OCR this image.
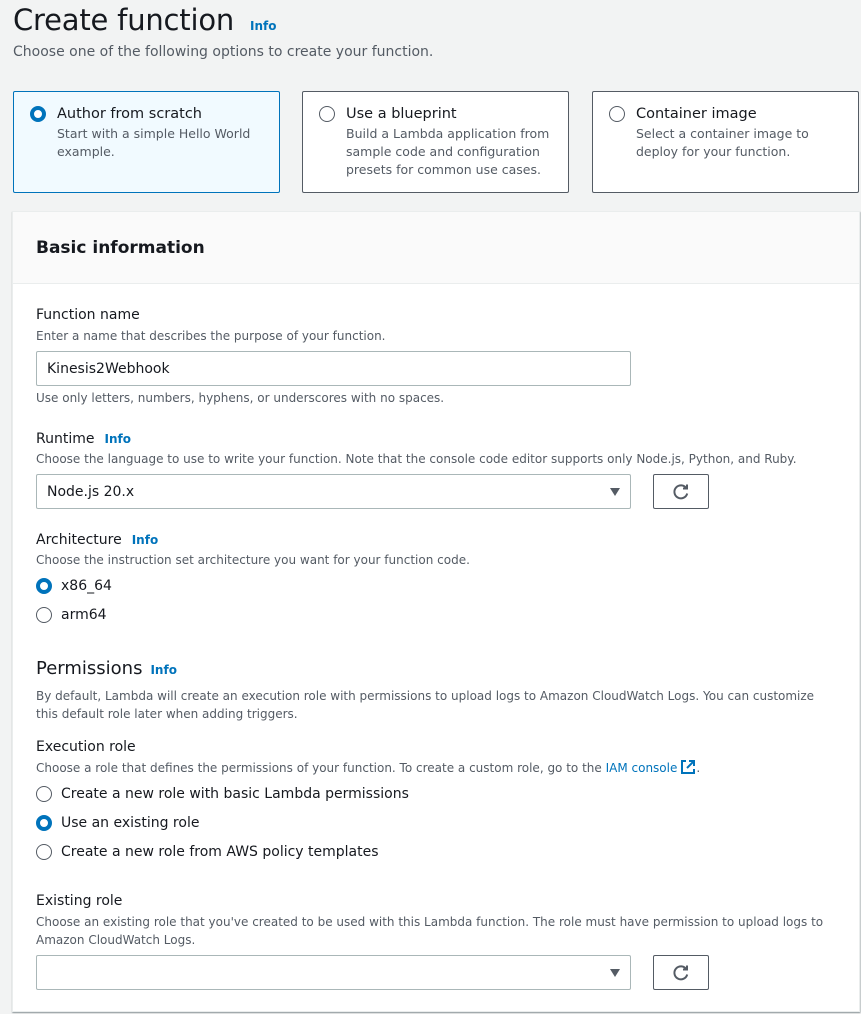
Create function Info

Choose one of the following options to create your function.

Author from scratch
Start with a simple Hello World example.
Use a blueprint
Build a Lambda application from sample code and configuration presets for common use cases.
Container image
Select a container image to deploy for your function.
Basic information
Function name
Enter a name that describes the purpose of your function.
Kinesis2Webhook
Use only letters, numbers, hyphens, or underscores with no spaces.
Runtime Info
Choose the language to use to write your function. Note that the console code editor supports only Node.js, Python, and Ruby.
Node.js 20.x
Architecture Info
Choose the instruction set architecture you want for your function code.
x86_64
arm64
Permissions Info
By default, Lambda will create an execution role with permissions to upload logs to Amazon CloudWatch Logs. You can customize this default role later when adding triggers.
Execution role
Choose a role that defines the permissions of your function. To create a custom role, go to the IAM console .
Create a new role with basic Lambda permissions
Use an existing role
Create a new role from AWS policy templates
Existing role
Choose an existing role that you've created to be used with this Lambda function. The role must have permission to upload logs to Amazon CloudWatch Logs.
